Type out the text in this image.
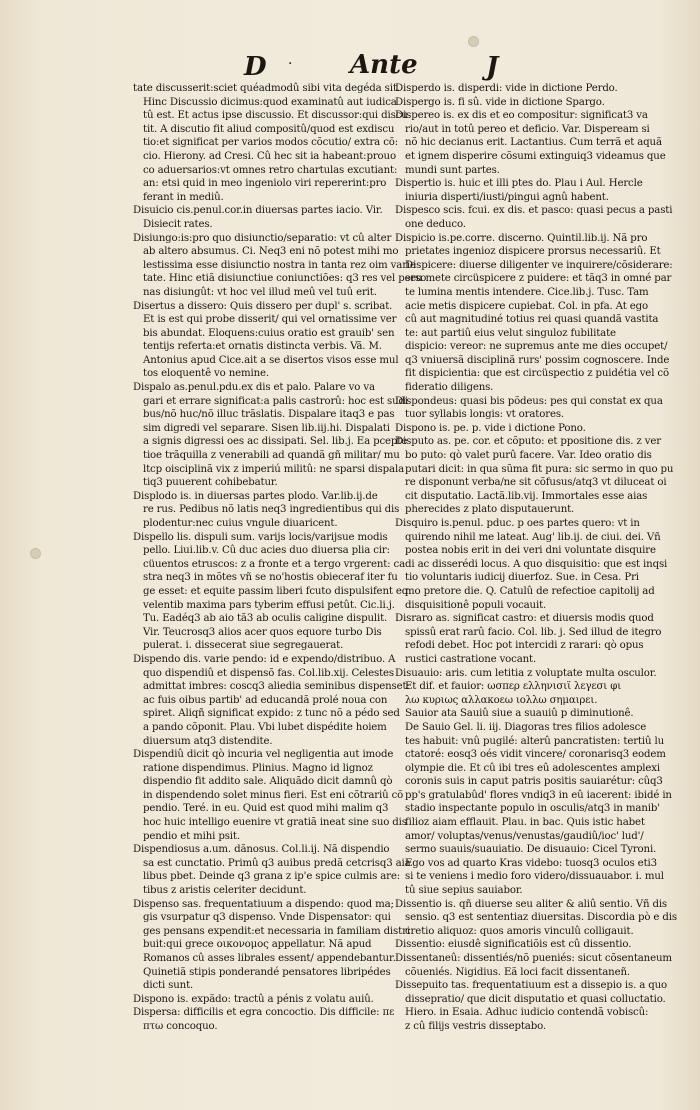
D · Ante	J
tate discusserit:sciet quéadmodû sibi vita degéda sit.
Hinc Discussio dicimus:quod examinatû aut iudica
tû est. Et actus ipse discussio. Et discussor:qui discu
tit. A discutio fit aliud compositû/quod est exdiscu
tio:et significat per varios modos cõcutio/ extra cõ:
cio. Hierony. ad Cresi. Cû hec sit ia habeant:prouo
co aduersarios:vt omnes retro chartulas excutiant:
an: etsi quid in meo ingeniolo viri repererint:pro
ferant in mediû.
Disuicio cis.penul.cor.in diuersas partes iacio. Vir.
Disiecit rates.
Disiungo:is:pro quo disiunctio/separatio: vt cû alter
ab altero absumus. Ci. Neq3 eni nõ potest mihi mo
lestissima esse disiunctio nostra in tanta rez oim varie
tate. Hinc etiã disiunctiue coniunctiões: q3 res vel perso
nas disiungût: vt hoc vel illud meû vel tuû erit.
Disertus a dissero: Quis dissero per dupl' s. scribat.
Et is est qui probe disserit/ qui vel ornatissime ver
bis abundat. Eloquens:cuius oratio est grauib' sen
tentijs referta:et ornatis distincta verbis. Vã. M.
Antonius apud Cice.ait a se disertos visos esse mul
tos eloquentê vo nemine.
Dispalo as.penul.pdu.ex dis et palo. Palare vo va
gari et errare significat:a palis castrorû: hoc est sudi
bus/nõ huc/nõ illuc trãslatis. Dispalare itaq3 e pas
sim digredi vel separare. Sisen lib.iij.hi. Dispalati
a signis digressi oes ac dissipati. Sel. lib.j. Ea pcepte
tioe trãquilla z venerabili ad quandã gñ militar/ mu
ltcp oisciplinã vix z imperiú militû: ne sparsi dispala
tiq3 puuerent cohibebatur.
Displodo is. in diuersas partes plodo. Var.lib.ij.de
re rus. Pedibus nõ latis neq3 ingredientibus qui dis
plodentur:nec cuius vngule diuaricent.
Dispello lis. dispuli sum. varijs locis/varijsue modis
pello. Liui.lib.v. Cû duc acies duo diuersa plia cir:
cüuentos etruscos: z a fronte et a tergo vrgerent: ca
stra neq3 in mõtes vñ se no'hostis obieceraf iter fu
ge esset: et equite passim liberi fcuto dispulsifent eq:
velentib maxima pars tyberim effusi petût. Cic.li.j.
Tu. Eadéq3 ab aio tã3 ab oculis caligine dispulit.
Vir. Teucrosq3 alios acer quos equore turbo Dis
pulerat. i. dissecerat siue segregauerat.
Dispendo dis. varie pendo: id e expendo/distribuo. A
quo dispendiû et dispensõ fas. Col.lib.xij. Celestes
admittat imbres: coscq3 aliedia seminibus dispenset:
ac fuis oibus partib' ad educandã prolé noua con
spiret. Aliqñ significat expido: z tunc nõ a pédo sed
a pando cõponit. Plau. Vbi lubet dispédite hoiem
diuersum atq3 distendite.
Dispendiû dicit qò incuria vel negligentia aut imode
ratione dispendimus. Plinius. Magno id lignoz
dispendio fit addito sale. Aliquãdo dicit damnû qò
in dispendendo solet minus fieri. Est eni cõtrariû cõ
pendio. Teré. in eu. Quid est quod mihi malim q3
hoc huic intelligo euenire vt gratiã ineat sine suo dis
pendio et mihi psit.
Dispendiosus a.um. dãnosus. Col.li.ij. Nã dispendio
sa est cunctatio. Primû q3 auibus predã cetcrisq3 aia
libus pbet. Deinde q3 grana z ip'e spice culmis are:
tibus z aristis celeriter decidunt.
Dispenso sas. frequentatiuum a dispendo: quod ma;
gis vsurpatur q3 dispenso. Vnde Dispensator: qui
ges pensans expendit:et necessaria in familiam distri
buit:qui grece οικονομος appellatur. Nã apud
Romanos cû asses librales essent/ appendebantur.
Quinetiã stipis ponderandé pensatores libripédes
dicti sunt.
Dispono is. expãdo: tractû a pénis z volatu auiû.
Dispersa: difficilis et egra concoctio. Dis difficile: πε
πτω concoquo.
Disperdo is. disperdi: vide in dictione Perdo.
Dispergo is. fi sû. vide in dictione Spargo.
Dispereo is. ex dis et eo compositur: significat3 va
rio/aut in totû pereo et deficio. Var. Dispeream si
nõ hic decianus erit. Lactantius. Cum terrã et aquã
et ignem disperire cõsumi extinguiq3 videamus que
mundi sunt partes.
Dispertio is. huic et illi ptes do. Plau i Aul. Hercle
iniuria disperti/iusti/pingui agnû habent.
Dispesco scis. fcui. ex dis. et pasco: quasi pecus a pasti
one deduco.
Dispicio is.pe.corre. discerno. Quintil.lib.ij. Nã pro
prietates ingenioz dispicere prorsus necessariû. Et
Dispicere: diuerse diligenter ve inquirere/cõsiderare:
seu mete circüspicere z puidere: et tãq3 in omné par
te lumina mentis intendere. Cice.lib.j. Tusc. Tam
acie metis dispicere cupiebat. Col. in pfa. At ego
cû aut magnitudiné totius rei quasi quandã vastita
te: aut partiû eius velut singuloz fubilitate
dispicio: vereor: ne supremus ante me dies occupet/
q3 vniuersã disciplinã rurs' possim cognoscere. Inde
fit dispicientia: que est circüspectio z puidétia vel cõ
fideratio diligens.
Dispondeus: quasi bis põdeus: pes qui constat ex qua
tuor syllabis longis: vt oratores.
Dispono is. pe. p. vide i dictione Pono.
Disputo as. pe. cor. et cõputo: et ppositione dis. z ver
bo puto: qò valet purû facere. Var. Ideo oratio dis
putari dicit: in qua sũma fit pura: sic sermo in quo pu
re disponunt verba/ne sit cõfusus/atq3 vt diluceat oi
cit disputatio. Lactã.lib.vij. Immortales esse aias
pherecides z plato disputauerunt.
Disquiro is.penul. pduc. p oes partes quero: vt in
quirendo nihil me lateat. Aug' lib.ij. de ciui. dei. Vñ
postea nobis erit in dei veri dni voluntate disquire
di ac disserédi locus. A quo disquisitio: que est inqsi
tio voluntaris iudicij diuerfoz. Sue. in Cesa. Pri
mo pretore die. Q. Catulû de refectioe capitolij ad
disquisitionê populi vocauit.
Disraro as. significat castro: et diuersis modis quod
spissû erat rarû facio. Col. lib. j. Sed illud de itegro
refodi debet. Hoc pot intercidi z rarari: qò opus
rustici castratione vocant.
Disuauio: aris. cum letitia z voluptate multa osculor.
Et dif. et fauior: ωσπερ ελληνισιϊ λεγεσι φι
λω κυριως αλλακοεω ιολλω σημαιρει.
Sauior ata Sauiû siue a suauiû p diminutionê.
De Sauio Gel. li. iij. Diagoras tres filios adolesce
tes habuit: vnû pugilé: alterû pancratisten: tertiû lu
ctatoré: eosq3 oés vidit vincere/ coronarisq3 eodem
olympie die. Et cû ibi tres eû adolescentes amplexi
coronis suis in caput patris positis sauiarétur: cûq3
pp's gratulabûd' flores vndiq3 in eû iacerent: ibidé in
stadio inspectante populo in osculis/atq3 in manib'
filioz aiam efflauit. Plau. in bac. Quis istic habet
amor/ voluptas/venus/venustas/gaudiû/ioc' lud'/
sermo suauis/suauiatio. De disuauio: Cicel Tyroni.
Ego vos ad quarto Kras videbo: tuosq3 oculos eti3
si te veniens i medio foro videro/dissuauabor. i. mul
tû siue sepius sauiabor.
Dissentio is. qñ diuerse seu aliter & aliû sentio. Vñ dis
sensio. q3 est sententiaz diuersitas. Discordia pò e dis
cretio aliquoz: quos amoris vinculû colligauit.
Dissentio: eiusdê significatiõis est cû dissentio.
Dissentaneû: dissentiés/nõ pueniés: sicut cõsentaneum
cõueniés. Nigidius. Eã loci facit dissentaneñ.
Dissepuito tas. frequentatiuum est a dissepio is. a quo
dissepratio/ que dicit disputatio et quasi colluctatio.
Hiero. in Esaia. Adhuc iudicio contendã vobiscû:
z cû filijs vestris disseptabo.
